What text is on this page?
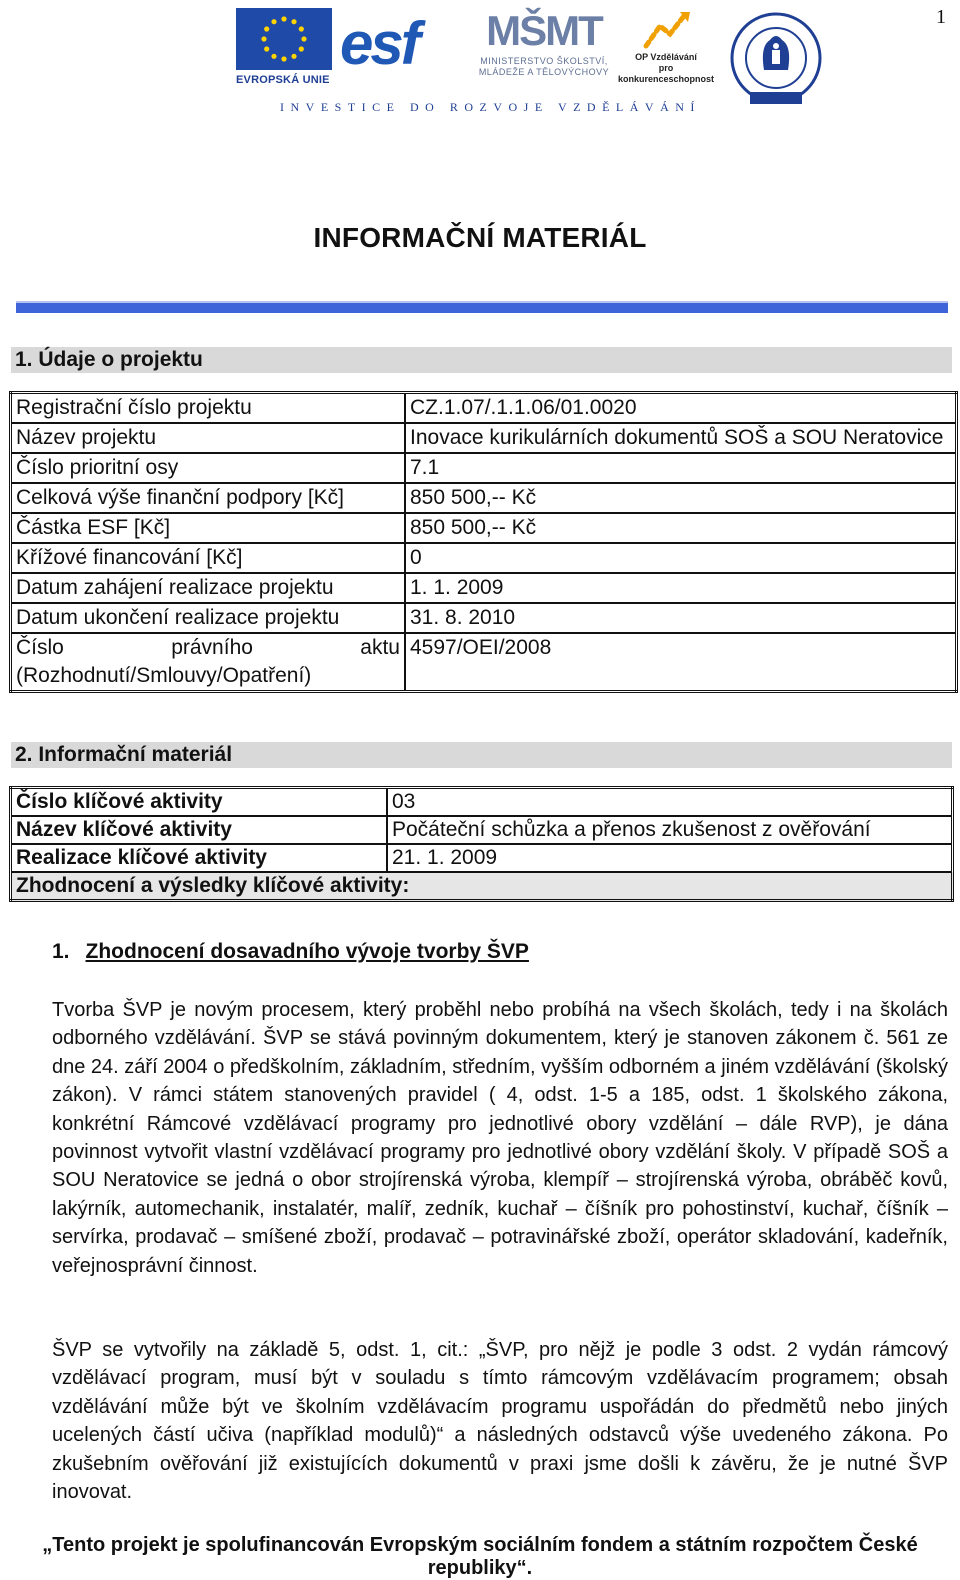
1
EVROPSKÁ UNIE
esf	MŠMT
MINISTERSTVO ŠKOLSTVÍ,
MLÁDEŽE A TĚLOVÝCHOVY
OP Vzdělávání
pro konkurenceschopnost
INVESTICE DO ROZVOJE VZDĚLÁVÁNÍ
INFORMAČNÍ MATERIÁL
1. Údaje o projektu
Registrační číslo projektu	CZ.1.07/.1.1.06/01.0020
Název projektu	Inovace kurikulárních dokumentů SOŠ a SOU Neratovice
Číslo prioritní osy	7.1
Celková výše finanční podpory [Kč]	850 500,-- Kč
Částka ESF [Kč]	850 500,-- Kč
Křížové financování [Kč]	0
Datum zahájení realizace projektu	1. 1. 2009
Datum ukončení realizace projektu	31. 8. 2010

Číslo právního aktu
(Rozhodnutí/Smlouvy/Opatření)	4597/OEI/2008
2. Informační materiál
Číslo klíčové aktivity	03
Název klíčové aktivity	Počáteční schůzka a přenos zkušenost z ověřování
Realizace klíčové aktivity	21. 1. 2009
Zhodnocení a výsledky klíčové aktivity:	
1. Zhodnocení dosavadního vývoje tvorby ŠVP
Tvorba ŠVP je novým procesem, který proběhl nebo probíhá na všech školách, tedy i na školách odborného vzdělávání. ŠVP se stává povinným dokumentem, který je stanoven zákonem č. 561 ze dne 24. září 2004 o předškolním, základním, středním, vyšším odborném a jiném vzdělávání (školský zákon). V rámci státem stanovených pravidel ( 4, odst. 1-5 a 185, odst. 1 školského zákona, konkrétní Rámcové vzdělávací programy pro jednotlivé obory vzdělání – dále RVP), je dána povinnost vytvořit vlastní vzdělávací programy pro jednotlivé obory vzdělání školy. V případě SOŠ a SOU Neratovice se jedná o obor strojírenská výroba, klempíř – strojírenská výroba, obráběč kovů, lakýrník, automechanik, instalatér, malíř, zedník, kuchař – číšník pro pohostinství, kuchař, číšník – servírka, prodavač – smíšené zboží, prodavač – potravinářské zboží, operátor skladování, kadeřník, veřejnosprávní činnost.
ŠVP se vytvořily na základě 5, odst. 1, cit.: „ŠVP, pro nějž je podle 3 odst. 2 vydán rámcový vzdělávací program, musí být v souladu s tímto rámcovým vzdělávacím programem; obsah vzdělávání může být ve školním vzdělávacím programu uspořádán do předmětů nebo jiných ucelených částí učiva (například modulů)“ a následných odstavců výše uvedeného zákona. Po zkušebním ověřování již existujících dokumentů v praxi jsme došli k závěru, že je nutné ŠVP inovovat.
„Tento projekt je spolufinancován Evropským sociálním fondem a státním rozpočtem České republiky“.
